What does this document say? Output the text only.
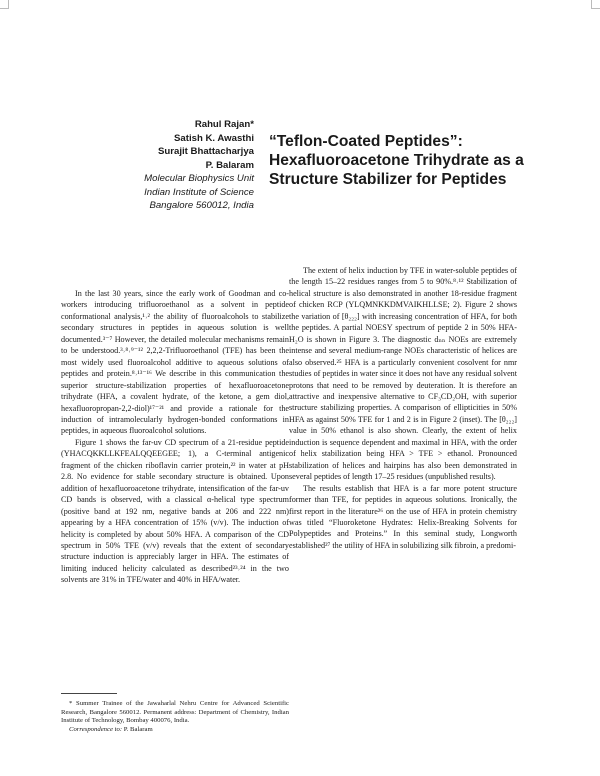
Rahul Rajan*
Satish K. Awasthi
Surajit Bhattacharjya
P. Balaram
Molecular Biophysics Unit
Indian Institute of Science
Bangalore 560012, India
“Teflon-Coated Peptides”: Hexafluoroacetone Trihydrate as a Structure Stabilizer for Peptides

In the last 30 years, since the early work of Goodman and co-workers introducing trifluoroethanol as a solvent in peptide conformational analysis,¹˒² the ability of fluoroalcohols to stabilize secondary structures in peptides in aqueous solution is well documented.³⁻⁷ However, the detailed molecular mechanisms remain to be understood.³˒⁸˒⁹⁻¹² 2,2,2-Trifluoroethanol (TFE) has been the most widely used fluoroalcohol additive to aqueous solutions of peptides and protein.⁸˒¹³⁻¹⁶ We describe in this communication the superior structure-stabilization properties of hexafluoroacetone trihydrate (HFA, a covalent hydrate, of the ketone, a gem diol, hexafluoropropan-2,2-diol)¹⁷⁻²¹ and provide a rationale for the induction of intramolecularly hydrogen-bonded conformations in peptides, in aqueous fluoroalcohol solutions.

Figure 1 shows the far-uv CD spectrum of a 21-residue peptide (YHACQKKLLKFEALQQEEGEE; 1), a C-terminal antigenic fragment of the chicken riboflavin carrier protein,²² in water at pH 2.8. No evidence for stable secondary structure is obtained. Upon addition of hexafluoroacetone trihydrate, intensification of the far-uv CD bands is observed, with a classical α-helical type spectrum (positive band at 192 nm, negative bands at 206 and 222 nm) appearing by a HFA concentration of 15% (v/v). The induction of helicity is completed by about 50% HFA. A comparison of the CD spectrum in 50% TFE (v/v) reveals that the extent of secondary structure induction is appreciably larger in HFA. The estimates of limiting induced helicity calculated as described²³˒²⁴ in the two solvents are 31% in TFE/water and 40% in HFA/water.

The extent of helix induction by TFE in water-soluble peptides of the length 15–22 residues ranges from 5 to 90%.⁸˒¹² Stabilization of helical structure is also demonstrated in another 18-residue fragment of chicken RCP (YLQMNKKDMVAIKHLLSE; 2). Figure 2 shows the variation of [θ₂₂₂] with increasing concentration of HFA, for both the peptides. A partial NOESY spectrum of peptide 2 in 50% HFA-H₂O is shown in Figure 3. The diagnostic dₙₙ NOEs are extremely intense and several medium-range NOEs characteristic of helices are also observed.²⁵ HFA is a particularly convenient cosolvent for nmr studies of peptides in water since it does not have any residual solvent protons that need to be removed by deuteration. It is therefore an attractive and inexpensive alternative to CF₃CD₂OH, with superior structure stabilizing properties. A comparison of ellipticities in 50% HFA as against 50% TFE for 1 and 2 is in Figure 2 (inset). The [θ₂₂₂] value in 50% ethanol is also shown. Clearly, the extent of helix induction is sequence dependent and maximal in HFA, with the order of helix stabilization being HFA > TFE > ethanol. Pronounced stabilization of helices and hairpins has also been demonstrated in several peptides of length 17–25 residues (unpublished results).

The results establish that HFA is a far more potent structure former than TFE, for peptides in aqueous solutions. Ironically, the first report in the literature²⁶ on the use of HFA in protein chemistry was titled “Fluoroketone Hydrates: Helix-Breaking Solvents for Polypeptides and Proteins.” In this seminal study, Longworth established²⁷ the utility of HFA in solubilizing silk fibroin, a predomi-

* Summer Trainee of the Jawaharlal Nehru Centre for Advanced Scientific Research, Bangalore 560012. Permanent address: Department of Chemistry, Indian Institute of Technology, Bombay 400076, India.

Correspondence to: P. Balaram
